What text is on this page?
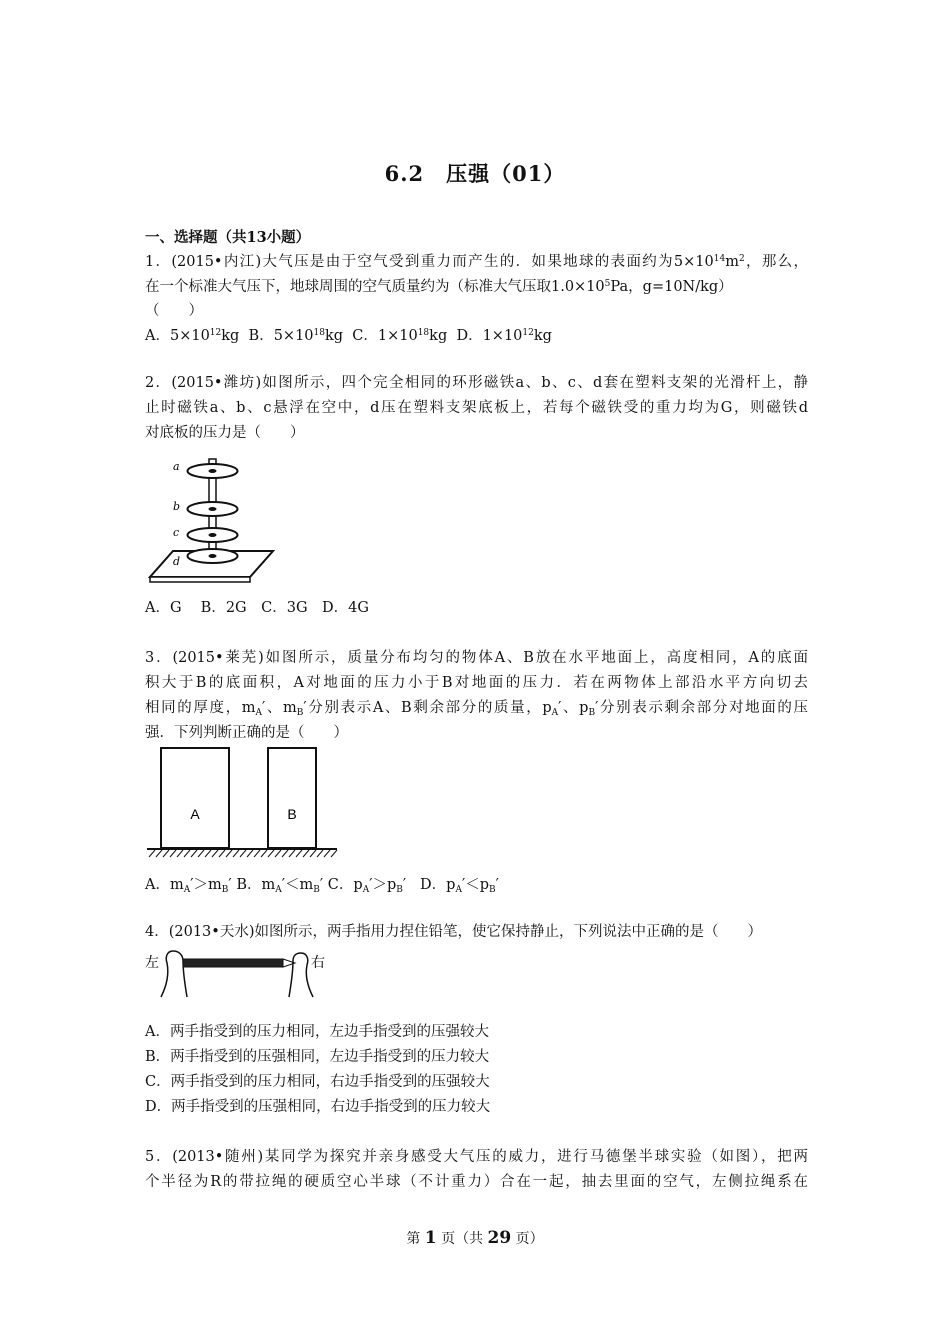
6.2　压强（01）
一、选择题（共13小题）
1．(2015•内江)大气压是由于空气受到重力而产生的．如果地球的表面约为$5\times 10^{14}m^2$，那么，
在一个标准大气压下，地球周围的空气质量约为（标准大气压取$1.0\times 10^5Pa$，g=10N/kg）
（　　）
A．$5\times 10^{12}kg$ B．$5\times 10^{18}kg$ C．$1\times 10^{18}kg$ D．$1\times 10^{12}kg$
2．(2015•潍坊)如图所示，四个完全相同的环形磁铁a、b、c、d套在塑料支架的光滑杆上，静
止时磁铁a、b、c悬浮在空中，d压在塑料支架底板上，若每个磁铁受的重力均为G，则磁铁d
对底板的压力是（　　）
a
b
c
d
A．G　 B．2G　C．3G　D．4G
3．(2015•莱芜)如图所示，质量分布均匀的物体A、B放在水平地面上，高度相同，A的底面
积大于B的底面积，A对地面的压力小于B对地面的压力．若在两物体上部沿水平方向切去
相同的厚度，$m_A'$、$m_B'$分别表示A、B剩余部分的质量，$p_A'$、$p_B'$分别表示剩余部分对地面的压
强．下列判断正确的是（　　）
A	B
A．$m_A'>m_B'$ B．$m_A'<m_B'$ C．$p_A'>p_B'$ D．$p_A'<p_B'$
4．(2013•天水)如图所示，两手指用力捏住铅笔，使它保持静止，下列说法中正确的是（　　）
左	右
A．两手指受到的压力相同，左边手指受到的压强较大
B．两手指受到的压强相同，左边手指受到的压力较大
C．两手指受到的压力相同，右边手指受到的压强较大
D．两手指受到的压强相同，右边手指受到的压力较大
5．(2013•随州)某同学为探究并亲身感受大气压的威力，进行马德堡半球实验（如图），把两
个半径为R的带拉绳的硬质空心半球（不计重力）合在一起，抽去里面的空气，左侧拉绳系在
第 1 页（共 29 页）
